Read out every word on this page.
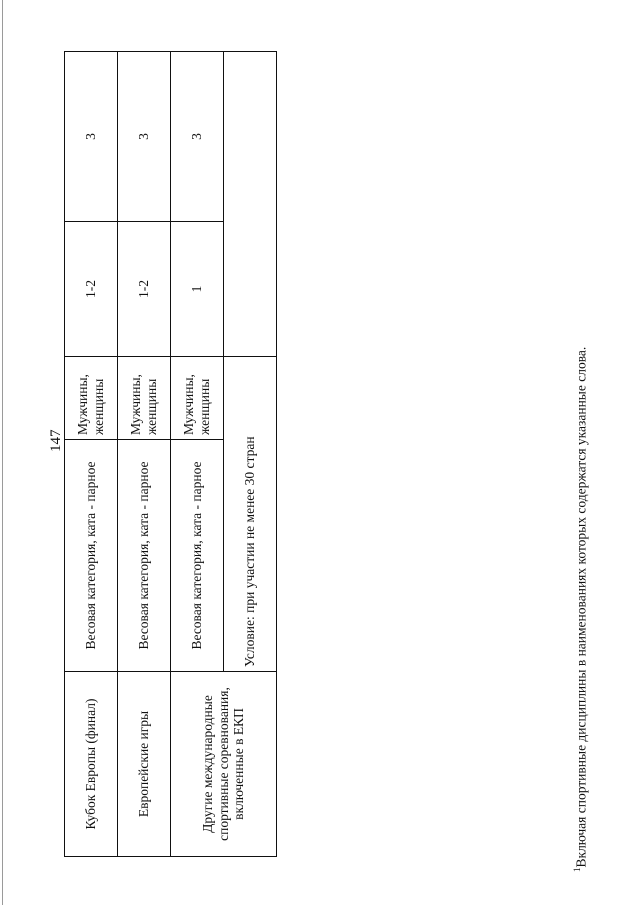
147
Кубок Европы (финал)	Весовая категория, ката - парное	Мужчины, женщины	1-2	3
Европейские игры	Весовая категория, ката - парное	Мужчины, женщины	1-2	3
Другие международные спортивные соревнования, включенные в ЕКП	Весовая категория, ката - парное	Мужчины, женщины	1	3
	Условие: при участии не менее 30 стран			
$^1$Включая спортивные дисциплины в наименованиях которых содержатся указанные слова.
